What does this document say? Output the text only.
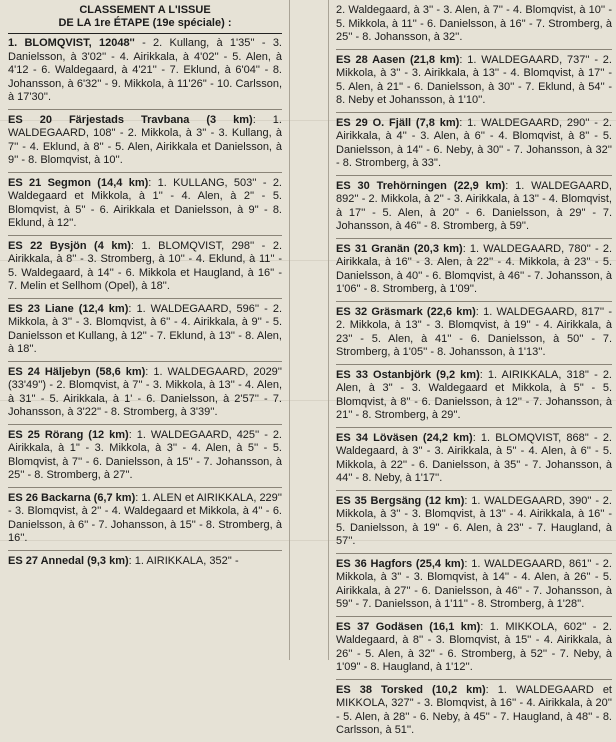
CLASSEMENT A L'ISSUE
DE LA 1re ÉTAPE (19e spéciale) :
1. BLOMQVIST, 12048'' - 2. Kullang, à 1'35'' - 3. Danielsson, à 3'02'' - 4. Airikkala, à 4'02'' - 5. Alen, à 4'12 - 6. Waldegaard, à 4'21'' - 7. Eklund, à 6'04'' - 8. Johansson, à 6'32'' - 9. Mikkola, à 11'26'' - 10. Carlsson, à 17'30''.
ES 20 Färjestads Travbana (3 km): 1. WALDEGAARD, 108'' - 2. Mikkola, à 3'' - 3. Kullang, à 7'' - 4. Eklund, à 8'' - 5. Alen, Airikkala et Danielsson, à 9'' - 8. Blomqvist, à 10''.
ES 21 Segmon (14,4 km): 1. KULLANG, 503'' - 2. Waldegaard et Mikkola, à 1'' - 4. Alen, à 2'' - 5. Blomqvist, à 5'' - 6. Airikkala et Danielsson, à 9'' - 8. Eklund, à 12''.
ES 22 Bysjön (4 km): 1. BLOMQVIST, 298'' - 2. Airikkala, à 8'' - 3. Stromberg, à 10'' - 4. Eklund, à 11'' - 5. Waldegaard, à 14'' - 6. Mikkola et Haugland, à 16'' - 7. Melin et Sellhom (Opel), à 18''.
ES 23 Liane (12,4 km): 1. WALDEGAARD, 596'' - 2. Mikkola, à 3'' - 3. Blomqvist, à 6'' - 4. Airikkala, à 9'' - 5. Danielsson et Kullang, à 12'' - 7. Eklund, à 13'' - 8. Alen, à 18''.
ES 24 Häljebyn (58,6 km): 1. WALDEGAARD, 2029'' (33'49'') - 2. Blomqvist, à 7'' - 3. Mikkola, à 13'' - 4. Alen, à 31'' - 5. Airikkala, à 1' - 6. Danielsson, à 2'57'' - 7. Johansson, à 3'22'' - 8. Stromberg, à 3'39''.
ES 25 Rörang (12 km): 1. WALDEGAARD, 425'' - 2. Airikkala, à 1'' - 3. Mikkola, à 3'' - 4. Alen, à 5'' - 5. Blomqvist, à 7'' - 6. Danielsson, à 15'' - 7. Johansson, à 25'' - 8. Stromberg, à 27''.
ES 26 Backarna (6,7 km): 1. ALEN et AIRIKKALA, 229'' - 3. Blomqvist, à 2'' - 4. Waldegaard et Mikkola, à 4'' - 6. Danielsson, à 6'' - 7. Johansson, à 15'' - 8. Stromberg, à 16''.
ES 27 Annedal (9,3 km): 1. AIRIKKALA, 352'' -
2. Waldegaard, à 3'' - 3. Alen, à 7'' - 4. Blomqvist, à 10'' - 5. Mikkola, à 11'' - 6. Danielsson, à 16'' - 7. Stromberg, à 25'' - 8. Johansson, à 32''.
ES 28 Aasen (21,8 km): 1. WALDEGAARD, 737'' - 2. Mikkola, à 3'' - 3. Airikkala, à 13'' - 4. Blomqvist, à 17'' - 5. Alen, à 21'' - 6. Danielsson, à 30'' - 7. Eklund, à 54'' - 8. Neby et Johansson, à 1'10''.
ES 29 O. Fjäll (7,8 km): 1. WALDEGAARD, 290'' - 2. Airikkala, à 4'' - 3. Alen, à 6'' - 4. Blomqvist, à 8'' - 5. Danielsson, à 14'' - 6. Neby, à 30'' - 7. Johansson, à 32'' - 8. Stromberg, à 33''.
ES 30 Trehörningen (22,9 km): 1. WALDEGAARD, 892'' - 2. Mikkola, à 2'' - 3. Airikkala, à 13'' - 4. Blomqvist, à 17'' - 5. Alen, à 20'' - 6. Danielsson, à 29'' - 7. Johansson, à 46'' - 8. Stromberg, à 59''.
ES 31 Granän (20,3 km): 1. WALDEGAARD, 780'' - 2. Airikkala, à 16'' - 3. Alen, à 22'' - 4. Mikkola, à 23'' - 5. Danielsson, à 40'' - 6. Blomqvist, à 46'' - 7. Johansson, à 1'06'' - 8. Stromberg, à 1'09''.
ES 32 Gräsmark (22,6 km): 1. WALDEGAARD, 817'' - 2. Mikkola, à 13'' - 3. Blomqvist, à 19'' - 4. Airikkala, à 23'' - 5. Alen, à 41'' - 6. Danielsson, à 50'' - 7. Stromberg, à 1'05'' - 8. Johansson, à 1'13''.
ES 33 Ostanbjörk (9,2 km): 1. AIRIKKALA, 318'' - 2. Alen, à 3'' - 3. Waldegaard et Mikkola, à 5'' - 5. Blomqvist, à 8'' - 6. Danielsson, à 12'' - 7. Johansson, à 21'' - 8. Stromberg, à 29''.
ES 34 Löväsen (24,2 km): 1. BLOMQVIST, 868'' - 2. Waldegaard, à 3'' - 3. Airikkala, à 5'' - 4. Alen, à 6'' - 5. Mikkola, à 22'' - 6. Danielsson, à 35'' - 7. Johansson, à 44'' - 8. Neby, à 1'17''.
ES 35 Bergsäng (12 km): 1. WALDEGAARD, 390'' - 2. Mikkola, à 3'' - 3. Blomqvist, à 13'' - 4. Airikkala, à 16'' - 5. Danielsson, à 19'' - 6. Alen, à 23'' - 7. Haugland, à 57''.
ES 36 Hagfors (25,4 km): 1. WALDEGAARD, 861'' - 2. Mikkola, à 3'' - 3. Blomqvist, à 14'' - 4. Alen, à 26'' - 5. Airikkala, à 27'' - 6. Danielsson, à 46'' - 7. Johansson, à 59'' - 7. Danielsson, à 1'11'' - 8. Stromberg, à 1'28''.
ES 37 Godäsen (16,1 km): 1. MIKKOLA, 602'' - 2. Waldegaard, à 8'' - 3. Blomqvist, à 15'' - 4. Airikkala, à 26'' - 5. Alen, à 32'' - 6. Stromberg, à 52'' - 7. Neby, à 1'09'' - 8. Haugland, à 1'12''.
ES 38 Torsked (10,2 km): 1. WALDEGAARD et MIKKOLA, 327'' - 3. Blomqvist, à 16'' - 4. Airikkala, à 20'' - 5. Alen, à 28'' - 6. Neby, à 45'' - 7. Haugland, à 48'' - 8. Carlsson, à 51''.
